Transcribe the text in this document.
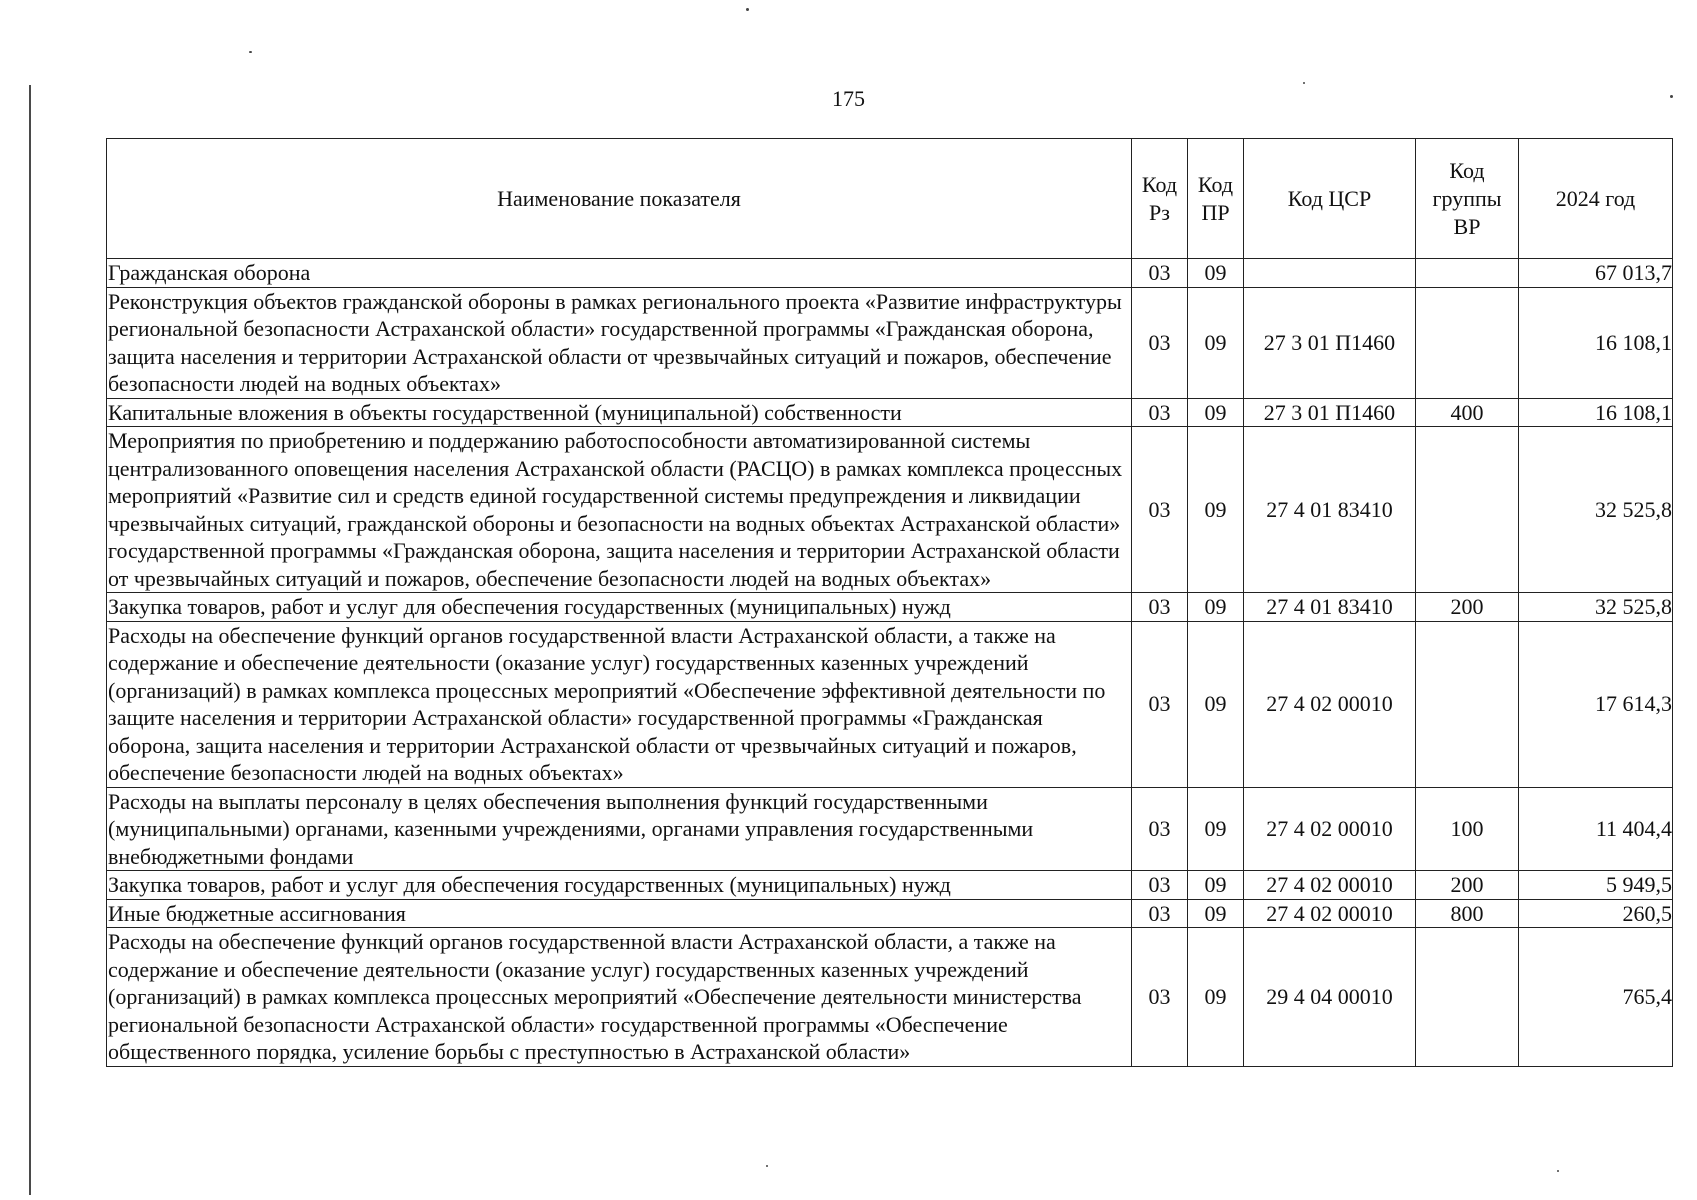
175
Наименование показателя	Код Рз	Код ПР	Код ЦСР	Код группы ВР	2024 год
Гражданская оборона	03	09			67 013,7
Реконструкция объектов гражданской обороны в рамках регионального проекта «Развитие инфраструктуры региональной безопасности Астраханской области» государственной программы «Гражданская оборона, защита населения и территории Астраханской области от чрезвычайных ситуаций и пожаров, обеспечение безопасности людей на водных объектах»	03	09	27 3 01 П1460		16 108,1
Капитальные вложения в объекты государственной (муниципальной) собственности	03	09	27 3 01 П1460	400	16 108,1
Мероприятия по приобретению и поддержанию работоспособности автоматизированной системы централизованного оповещения населения Астраханской области (РАСЦО) в рамках комплекса процессных мероприятий «Развитие сил и средств единой государственной системы предупреждения и ликвидации чрезвычайных ситуаций, гражданской обороны и безопасности на водных объектах Астраханской области» государственной программы «Гражданская оборона, защита населения и территории Астраханской области от чрезвычайных ситуаций и пожаров, обеспечение безопасности людей на водных объектах»	03	09	27 4 01 83410		32 525,8
Закупка товаров, работ и услуг для обеспечения государственных (муниципальных) нужд	03	09	27 4 01 83410	200	32 525,8
Расходы на обеспечение функций органов государственной власти Астраханской области, а также на содержание и обеспечение деятельности (оказание услуг) государственных казенных учреждений (организаций) в рамках комплекса процессных мероприятий «Обеспечение эффективной деятельности по защите населения и территории Астраханской области» государственной программы «Гражданская оборона, защита населения и территории Астраханской области от чрезвычайных ситуаций и пожаров, обеспечение безопасности людей на водных объектах»	03	09	27 4 02 00010		17 614,3
Расходы на выплаты персоналу в целях обеспечения выполнения функций государственными (муниципальными) органами, казенными учреждениями, органами управления государственными внебюджетными фондами	03	09	27 4 02 00010	100	11 404,4
Закупка товаров, работ и услуг для обеспечения государственных (муниципальных) нужд	03	09	27 4 02 00010	200	5 949,5
Иные бюджетные ассигнования	03	09	27 4 02 00010	800	260,5
Расходы на обеспечение функций органов государственной власти Астраханской области, а также на содержание и обеспечение деятельности (оказание услуг) государственных казенных учреждений (организаций) в рамках комплекса процессных мероприятий «Обеспечение деятельности министерства региональной безопасности Астраханской области» государственной программы «Обеспечение общественного порядка, усиление борьбы с преступностью в Астраханской области»	03	09	29 4 04 00010		765,4
